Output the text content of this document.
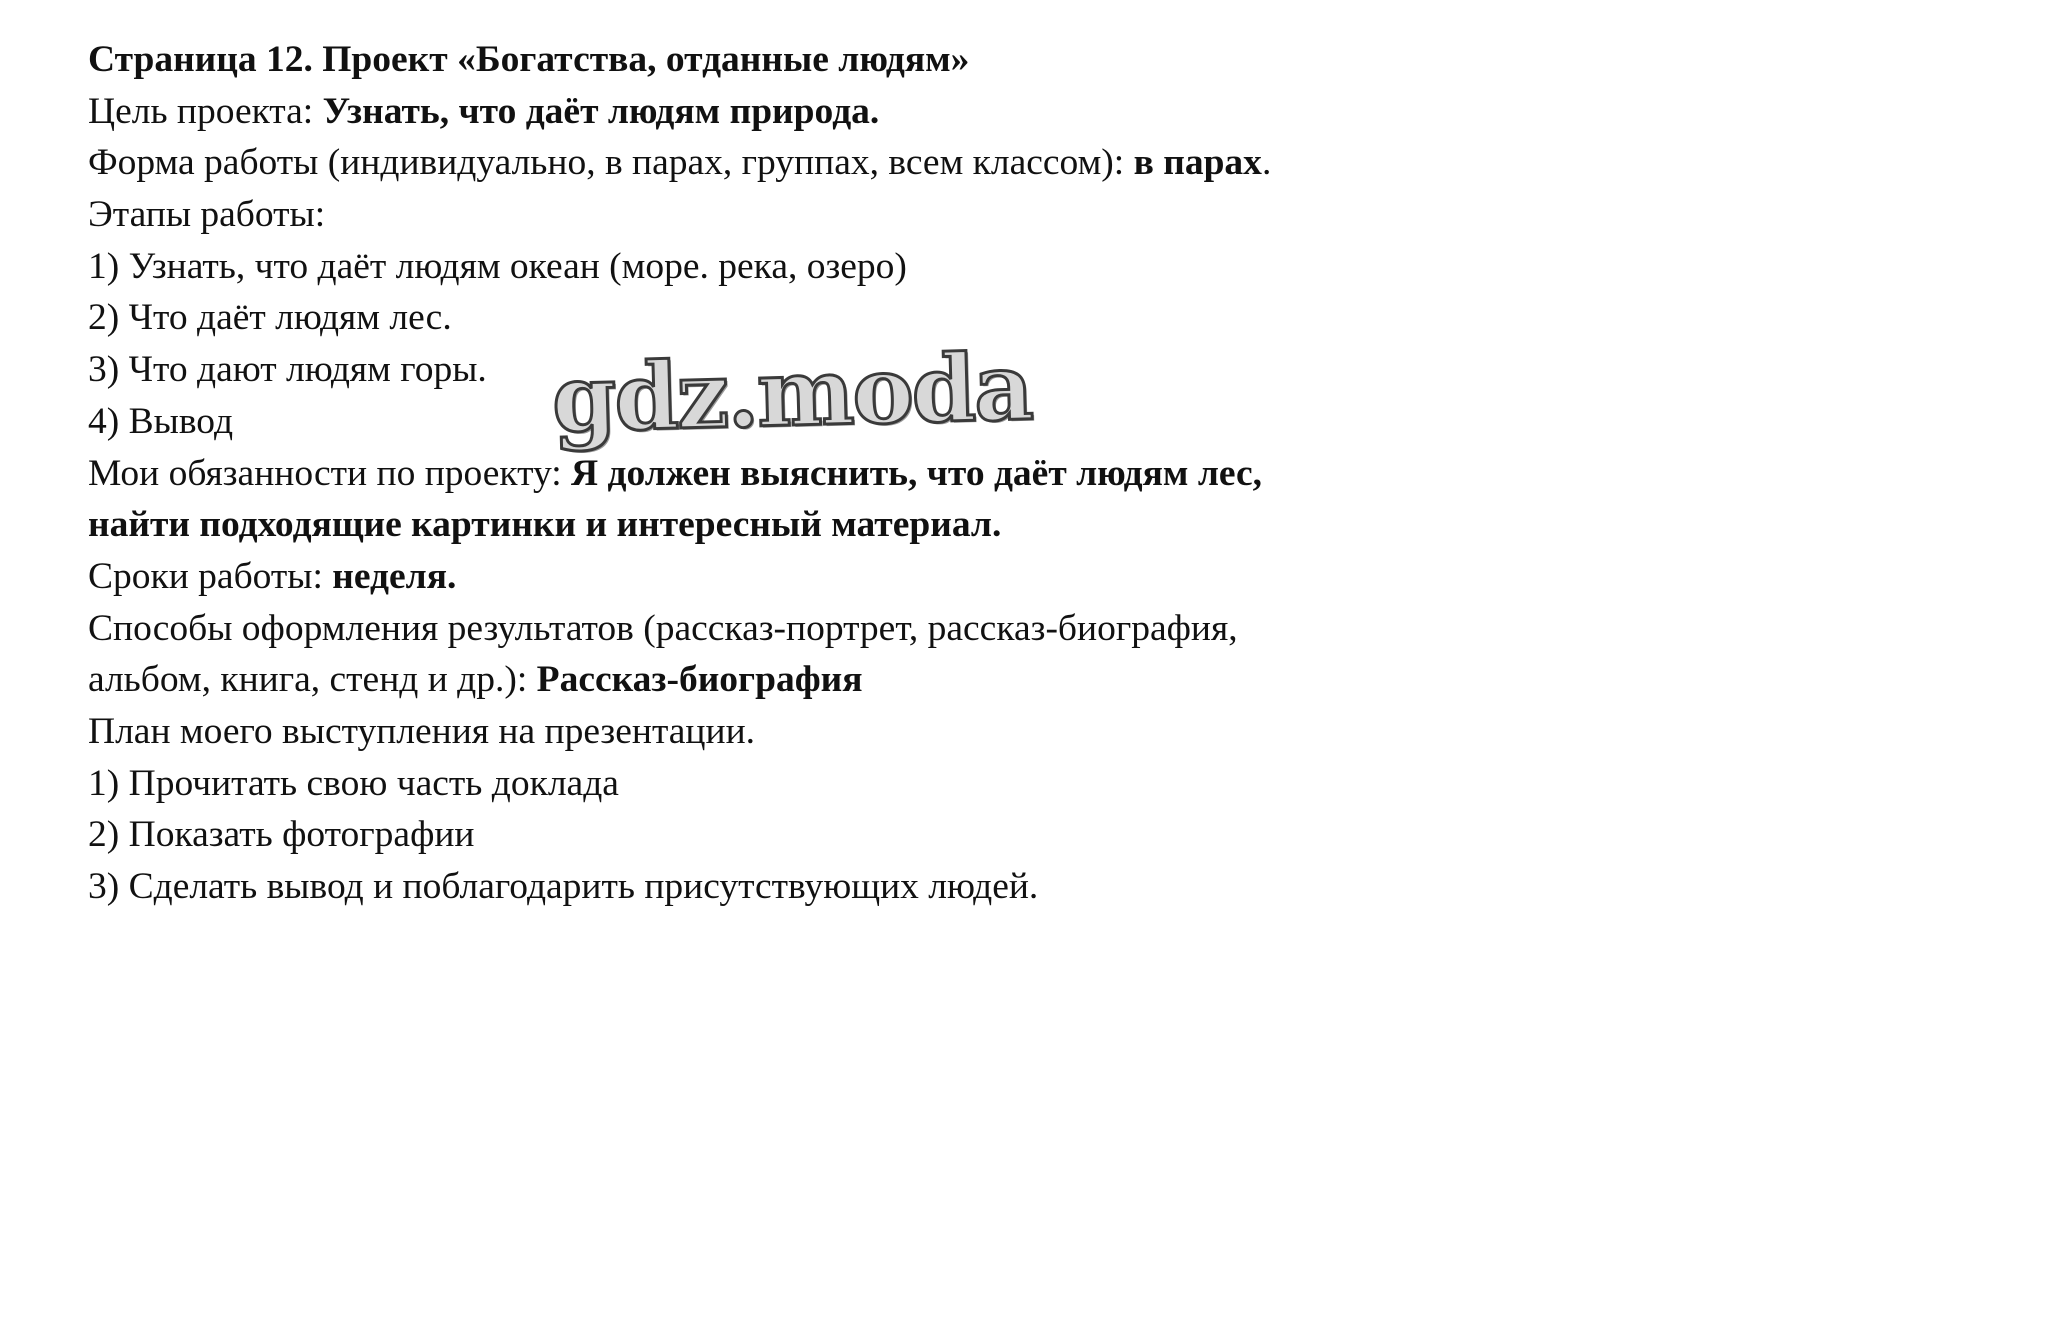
Страница 12. Проект «Богатства, отданные людям»
Цель проекта: Узнать, что даёт людям природа.
Форма работы (индивидуально, в парах, группах, всем классом): в парах.
Этапы работы:
1) Узнать, что даёт людям океан (море. река, озеро)
2) Что даёт людям лес.
3) Что дают людям горы.
4) Вывод
Мои обязанности по проекту: Я должен выяснить, что даёт людям лес,
найти подходящие картинки и интересный материал.
Сроки работы: неделя.
Способы оформления результатов (рассказ-портрет, рассказ-биография,
альбом, книга, стенд и др.): Рассказ-биография
План моего выступления на презентации.
1) Прочитать свою часть доклада
2) Показать фотографии
3) Сделать вывод и поблагодарить присутствующих людей.
gdz.moda
